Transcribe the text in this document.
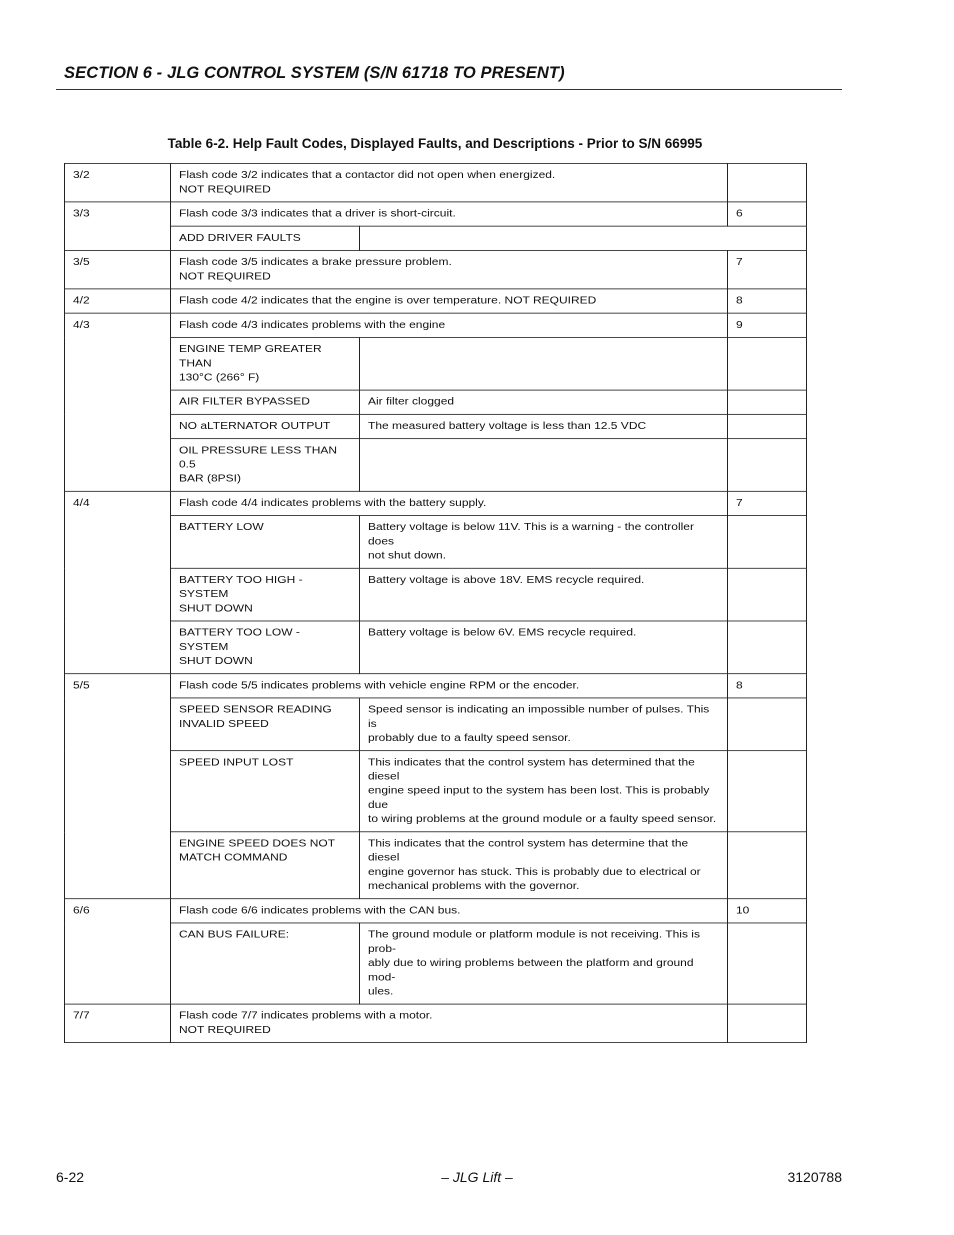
SECTION 6 - JLG CONTROL SYSTEM (S/N 61718 TO PRESENT)
Table 6-2. Help Fault Codes, Displayed Faults, and Descriptions - Prior to S/N 66995
3/2	Flash code 3/2 indicates that a contactor did not open when energized.
NOT REQUIRED		
3/3	Flash code 3/3 indicates that a driver is short-circuit.		6
	ADD DRIVER FAULTS		
3/5	Flash code 3/5 indicates a brake pressure problem.
NOT REQUIRED		7
4/2	Flash code 4/2 indicates that the engine is over temperature. NOT REQUIRED		8
4/3	Flash code 4/3 indicates problems with the engine		9
	ENGINE TEMP GREATER THAN
130°C (266° F)		
	AIR FILTER BYPASSED	Air filter clogged	
	NO aLTERNATOR OUTPUT	The measured battery voltage is less than 12.5 VDC	
	OIL PRESSURE LESS THAN 0.5
BAR (8PSI)		
4/4	Flash code 4/4 indicates problems with the battery supply.		7
	BATTERY LOW	Battery voltage is below 11V. This is a warning - the controller does
not shut down.	
	BATTERY TOO HIGH - SYSTEM
SHUT DOWN	Battery voltage is above 18V. EMS recycle required.	
	BATTERY TOO LOW - SYSTEM
SHUT DOWN	Battery voltage is below 6V. EMS recycle required.	
5/5	Flash code 5/5 indicates problems with vehicle engine RPM or the encoder.		8
	SPEED SENSOR READING
INVALID SPEED	Speed sensor is indicating an impossible number of pulses. This is
probably due to a faulty speed sensor.	
	SPEED INPUT LOST	This indicates that the control system has determined that the diesel
engine speed input to the system has been lost. This is probably due
to wiring problems at the ground module or a faulty speed sensor.	
	ENGINE SPEED DOES NOT
MATCH COMMAND	This indicates that the control system has determine that the diesel
engine governor has stuck. This is probably due to electrical or
mechanical problems with the governor.	
6/6	Flash code 6/6 indicates problems with the CAN bus.		10
	CAN BUS FAILURE:	The ground module or platform module is not receiving. This is prob-
ably due to wiring problems between the platform and ground mod-
ules.	
7/7	Flash code 7/7 indicates problems with a motor.
NOT REQUIRED		
6-22	– JLG Lift –	3120788
